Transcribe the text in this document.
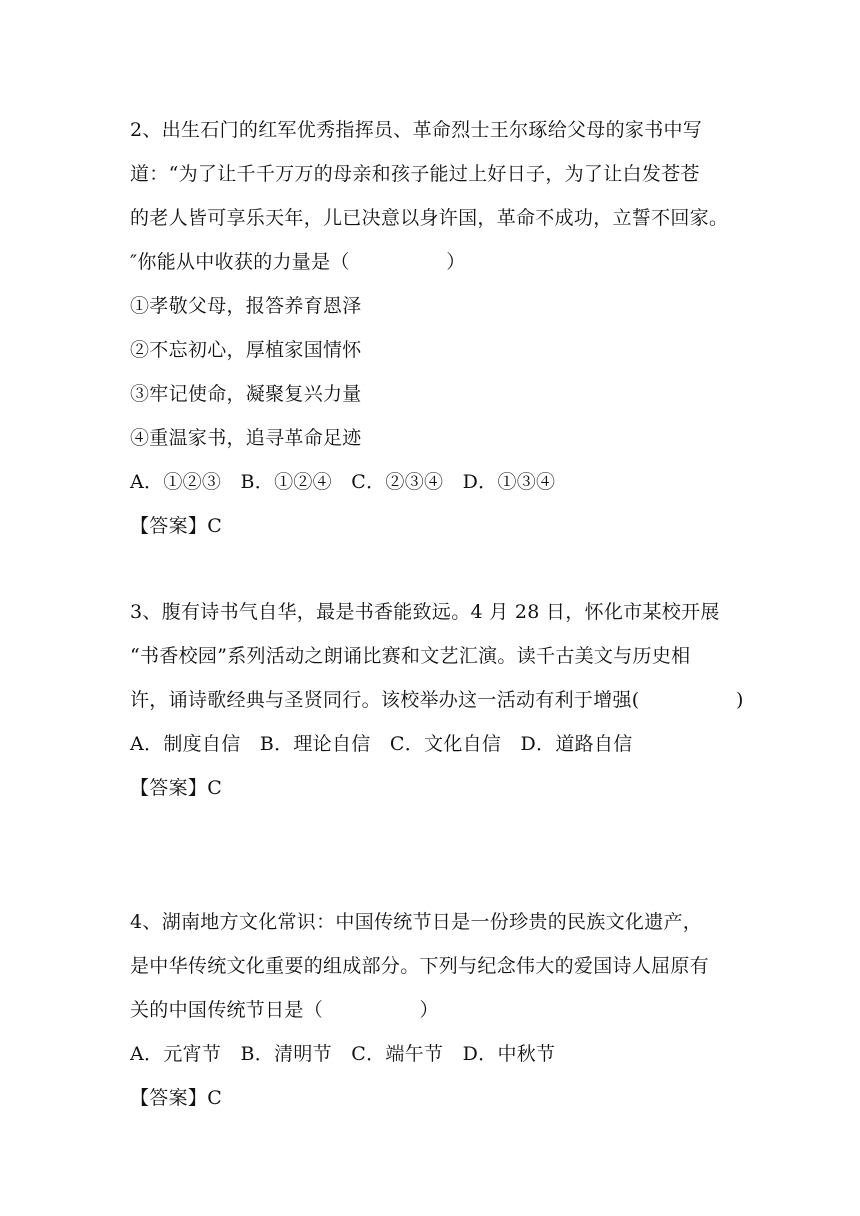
2、出生石门的红军优秀指挥员、革命烈士王尔琢给父母的家书中写
道：“为了让千千万万的母亲和孩子能过上好日子，为了让白发苍苍
的老人皆可享乐天年，儿已决意以身许国，革命不成功，立誓不回家。
″你能从中收获的力量是（　　　　　）
①孝敬父母，报答养育恩泽
②不忘初心，厚植家国情怀
③牢记使命，凝聚复兴力量
④重温家书，追寻革命足迹
A．①②③　B．①②④　C．②③④　D．①③④
【答案】C
3、腹有诗书气自华，最是书香能致远。4 月 28 日，怀化市某校开展
“书香校园”系列活动之朗诵比赛和文艺汇演。读千古美文与历史相
许，诵诗歌经典与圣贤同行。该校举办这一活动有利于增强(　　　　　)
A．制度自信　B．理论自信　C．文化自信　D．道路自信
【答案】C
4、湖南地方文化常识：中国传统节日是一份珍贵的民族文化遗产，
是中华传统文化重要的组成部分。下列与纪念伟大的爱国诗人屈原有
关的中国传统节日是（　　　　　）
A．元宵节　B．清明节　C．端午节　D．中秋节
【答案】C
